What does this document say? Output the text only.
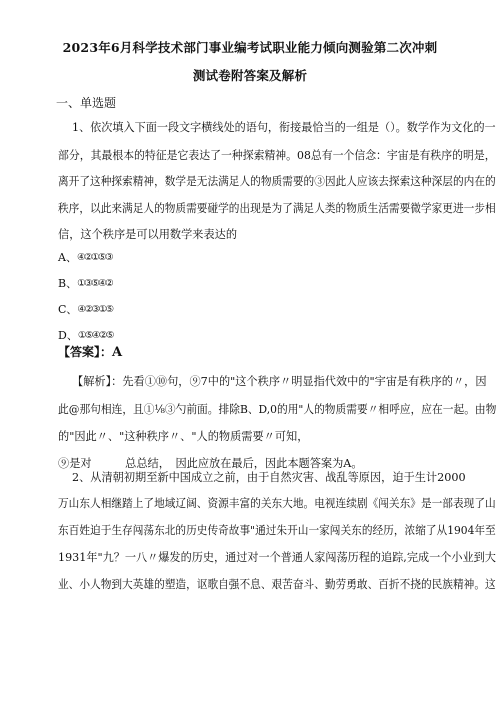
2023年6月科学技术部门事业编考试职业能力倾向测验第二次冲刺
测试卷附答案及解析
一、单选题
1、依次填入下面一段文字横线处的语句，衔接最恰当的一组是（）。数学作为文化的一
部分，其最根本的特征是它表达了一种探索精神。08总有一个信念：宇宙是有秩序的明是，
离开了这种探索精神，数学是无法满足人的物质需要的③因此人应该去探索这种深层的内在的
秩序，以此来满足人的物质需要碰学的出现是为了满足人类的物质生活需要微学家更进一步相
信，这个秩序是可以用数学来表达的
A、④②①⑤③
B、①③⑤④②
C、④②③①⑤
D、①⑤④②⑤
【答案】：A
【解析】：先看①⑩句，⑨7中的"这个秩序〃明显指代效中的"宇宙是有秩序的〃，因
此@那句相连，且①⅛③勺前面。排除B、D,0的用"人的物质需要〃相呼应，应在一起。由物
的"因此〃、"这种秩序〃、"人的物质需要〃可知，
⑨是对　　　总总结，　因此应放在最后，因此本题答案为A。
2、从清朝初期至新中国成立之前，由于自然灾害、战乱等原因，迫于生计2000
万山东人相继踏上了地域辽阔、资源丰富的关东大地。电视连续剧《闯关东》是一部表现了山
东百姓迫于生存闯荡东北的历史传奇故事"通过朱开山一家闯关东的经历，浓缩了从1904年至
1931年"九？一八〃爆发的历史，通过对一个普通人家闯荡历程的追踪,完成一个小业到大
业、小人物到大英雄的塑造，讴歌自强不息、艰苦奋斗、勤劳勇敢、百折不挠的民族精神。这
